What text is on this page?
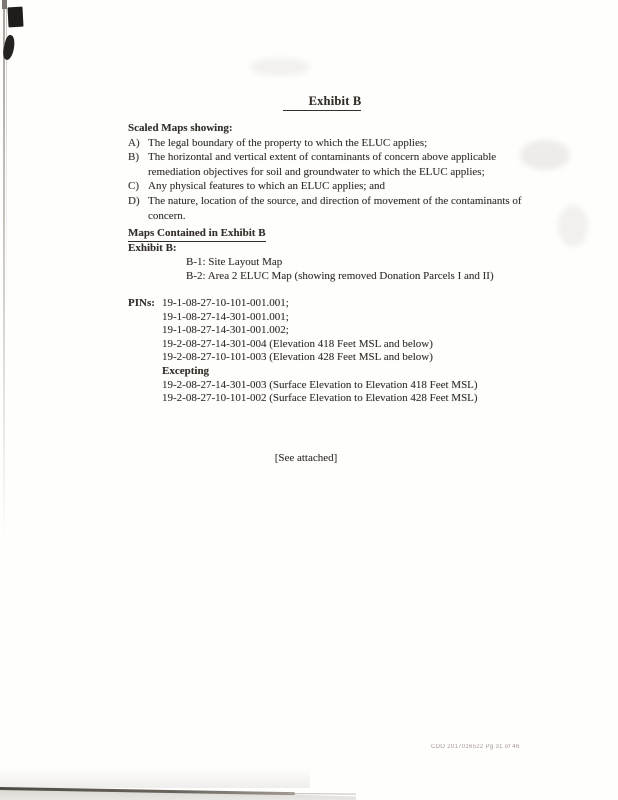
Exhibit B
Scaled Maps showing:
A) The legal boundary of the property to which the ELUC applies;
B) The horizontal and vertical extent of contaminants of concern above applicable
remediation objectives for soil and groundwater to which the ELUC applies;
C) Any physical features to which an ELUC applies; and
D) The nature, location of the source, and direction of movement of the contaminants of
concern.
Maps Contained in Exhibit B
Exhibit B:
B-1: Site Layout Map
B-2: Area 2 ELUC Map (showing removed Donation Parcels I and II)
PINs: 19-1-08-27-10-101-001.001;
19-1-08-27-14-301-001.001;
19-1-08-27-14-301-001.002;
19-2-08-27-14-301-004 (Elevation 418 Feet MSL and below)
19-2-08-27-10-101-003 (Elevation 428 Feet MSL and below)
Excepting
19-2-08-27-14-301-003 (Surface Elevation to Elevation 418 Feet MSL)
19-2-08-27-10-101-002 (Surface Elevation to Elevation 428 Feet MSL)
[See attached]
CDO 2017016522 Pg 31 of 46
